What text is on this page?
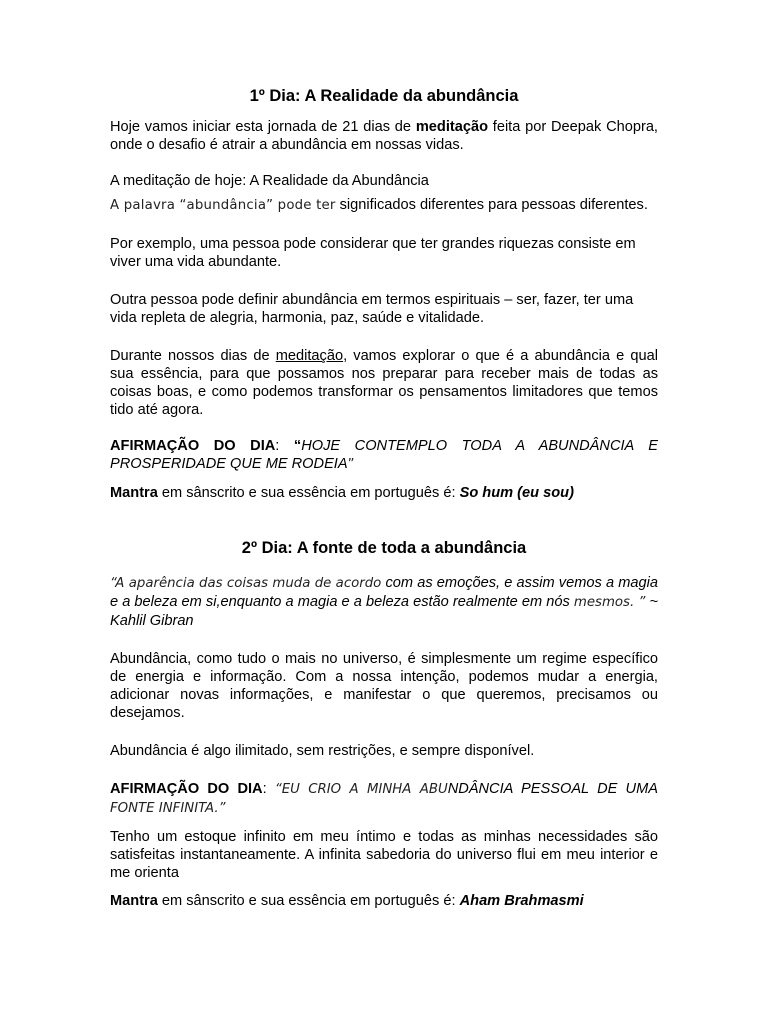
1º Dia: A Realidade da abundância

Hoje vamos iniciar esta jornada de 21 dias de meditação feita por Deepak Chopra, onde o desafio é atrair a abundância em nossas vidas.

A meditação de hoje: A Realidade da Abundância

A palavra “abundância” pode ter significados diferentes para pessoas diferentes.

Por exemplo, uma pessoa pode considerar que ter grandes riquezas consiste em viver uma vida abundante.

Outra pessoa pode definir abundância em termos espirituais – ser, fazer, ter uma vida repleta de alegria, harmonia, paz, saúde e vitalidade.

Durante nossos dias de meditação, vamos explorar o que é a abundância e qual sua essência, para que possamos nos preparar para receber mais de todas as coisas boas, e como podemos transformar os pensamentos limitadores que temos tido até agora.

AFIRMAÇÃO DO DIA: “HOJE CONTEMPLO TODA A ABUNDÂNCIA E PROSPERIDADE QUE ME RODEIA”

Mantra em sânscrito e sua essência em português é: So hum (eu sou)

2º Dia: A fonte de toda a abundância

“A aparência das coisas muda de acordo com as emoções, e assim vemos a magia e a beleza em si,enquanto a magia e a beleza estão realmente em nós mesmos. ” ~ Kahlil Gibran

Abundância, como tudo o mais no universo, é simplesmente um regime específico de energia e informação. Com a nossa intenção, podemos mudar a energia, adicionar novas informações, e manifestar o que queremos, precisamos ou desejamos.

Abundância é algo ilimitado, sem restrições, e sempre disponível.

AFIRMAÇÃO DO DIA: “EU CRIO A MINHA ABUNDÂNCIA PESSOAL DE UMA FONTE INFINITA.”

Tenho um estoque infinito em meu íntimo e todas as minhas necessidades são satisfeitas instantaneamente. A infinita sabedoria do universo flui em meu interior e me orienta

Mantra em sânscrito e sua essência em português é: Aham Brahmasmi
